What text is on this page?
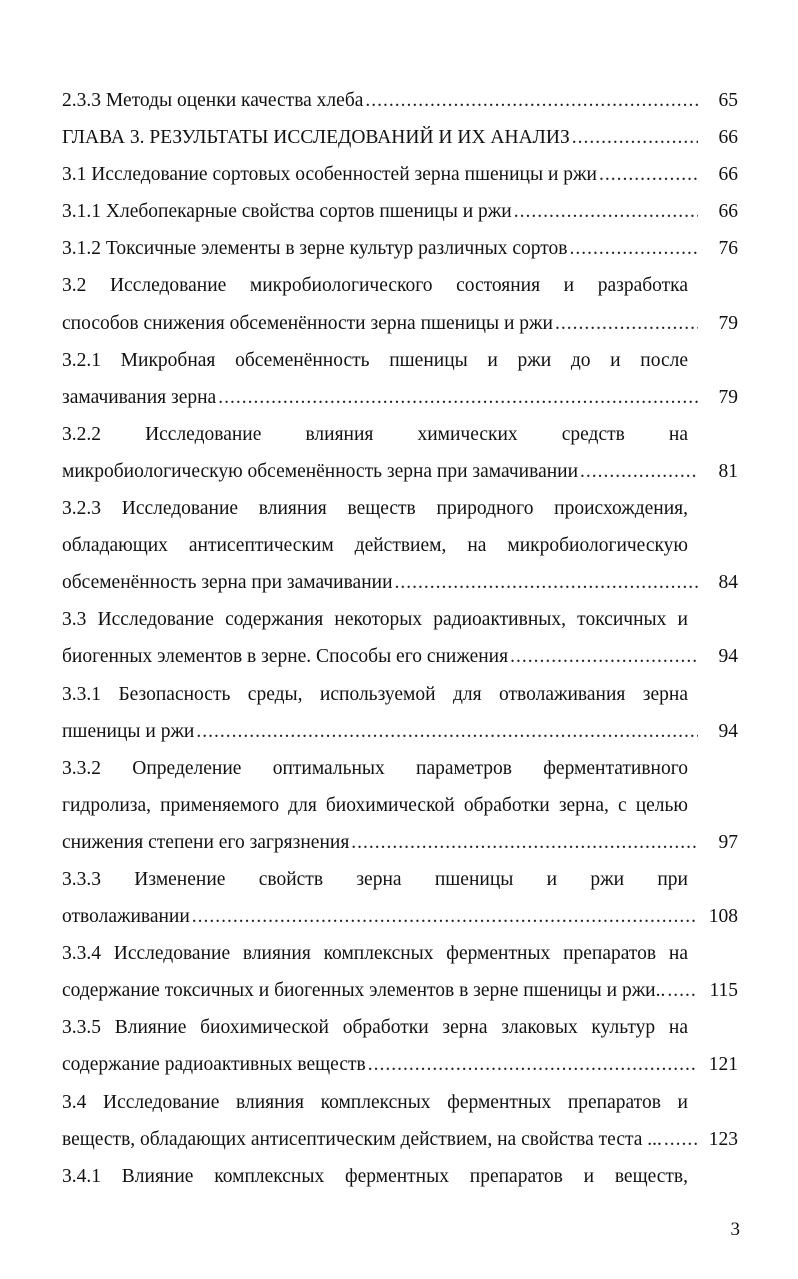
2.3.3 Методы оценки качества хлеба .....	65
ГЛАВА 3. РЕЗУЛЬТАТЫ ИССЛЕДОВАНИЙ И ИХ АНАЛИЗ .....	66
3.1 Исследование сортовых особенностей зерна пшеницы и ржи .....	66
3.1.1 Хлебопекарные свойства сортов пшеницы и ржи .....	66
3.1.2 Токсичные элементы в зерне культур различных сортов .....	76
3.2 Исследование микробиологического состояния и разработка
способов снижения обсеменённости зерна пшеницы и ржи .....	79
3.2.1 Микробная обсеменённость пшеницы и ржи до и после
замачивания зерна .....	79
3.2.2 Исследование влияния химических средств на
микробиологическую обсеменённость зерна при замачивании .....	81
3.2.3 Исследование влияния веществ природного происхождения,
обладающих антисептическим действием, на микробиологическую
обсеменённость зерна при замачивании .....	84
3.3 Исследование содержания некоторых радиоактивных, токсичных и
биогенных элементов в зерне. Способы его снижения .....	94
3.3.1 Безопасность среды, используемой для отволаживания зерна
пшеницы и ржи .....	94
3.3.2 Определение оптимальных параметров ферментативного
гидролиза, применяемого для биохимической обработки зерна, с целью
снижения степени его загрязнения .....	97
3.3.3 Изменение свойств зерна пшеницы и ржи при
отволаживании .....	108
3.3.4 Исследование влияния комплексных ферментных препаратов на
содержание токсичных и биогенных элементов в зерне пшеницы и ржи.. .....	115
3.3.5 Влияние биохимической обработки зерна злаковых культур на
содержание радиоактивных веществ .....	121
3.4 Исследование влияния комплексных ферментных препаратов и
веществ, обладающих антисептическим действием, на свойства теста ... .....	123
3.4.1 Влияние комплексных ферментных препаратов и веществ,
3
